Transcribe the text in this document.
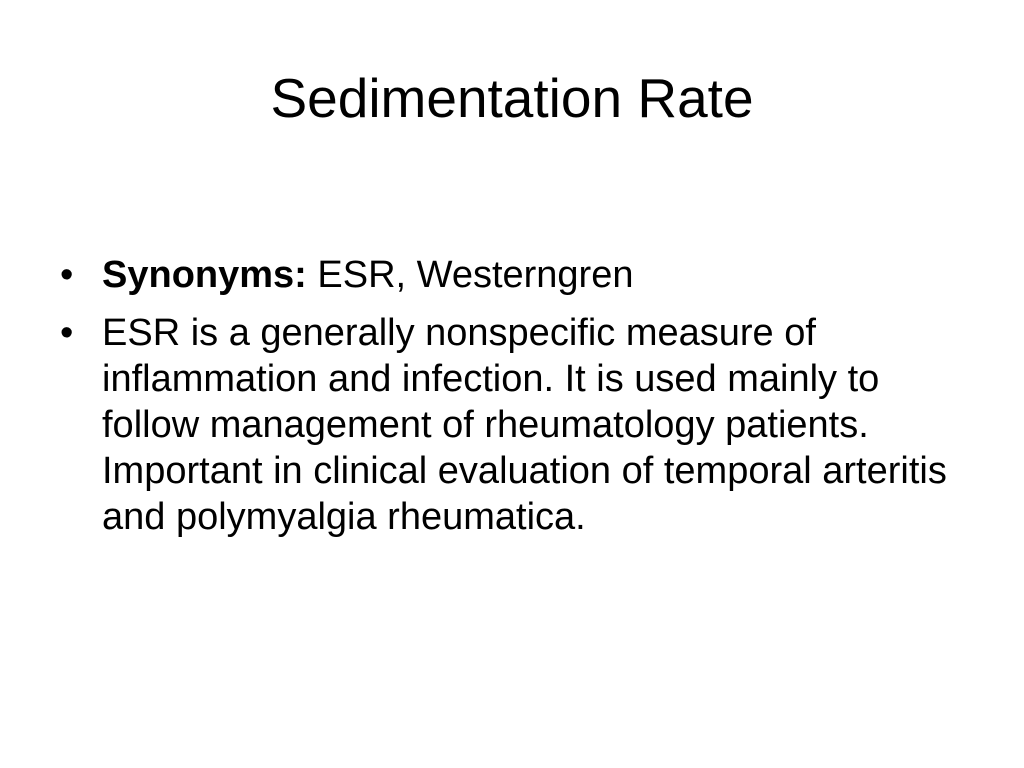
Sedimentation Rate
• Synonyms: ESR, Westerngren
• ESR is a generally nonspecific measure of inflammation and infection. It is used mainly to follow management of rheumatology patients. Important in clinical evaluation of temporal arteritis and polymyalgia rheumatica.
